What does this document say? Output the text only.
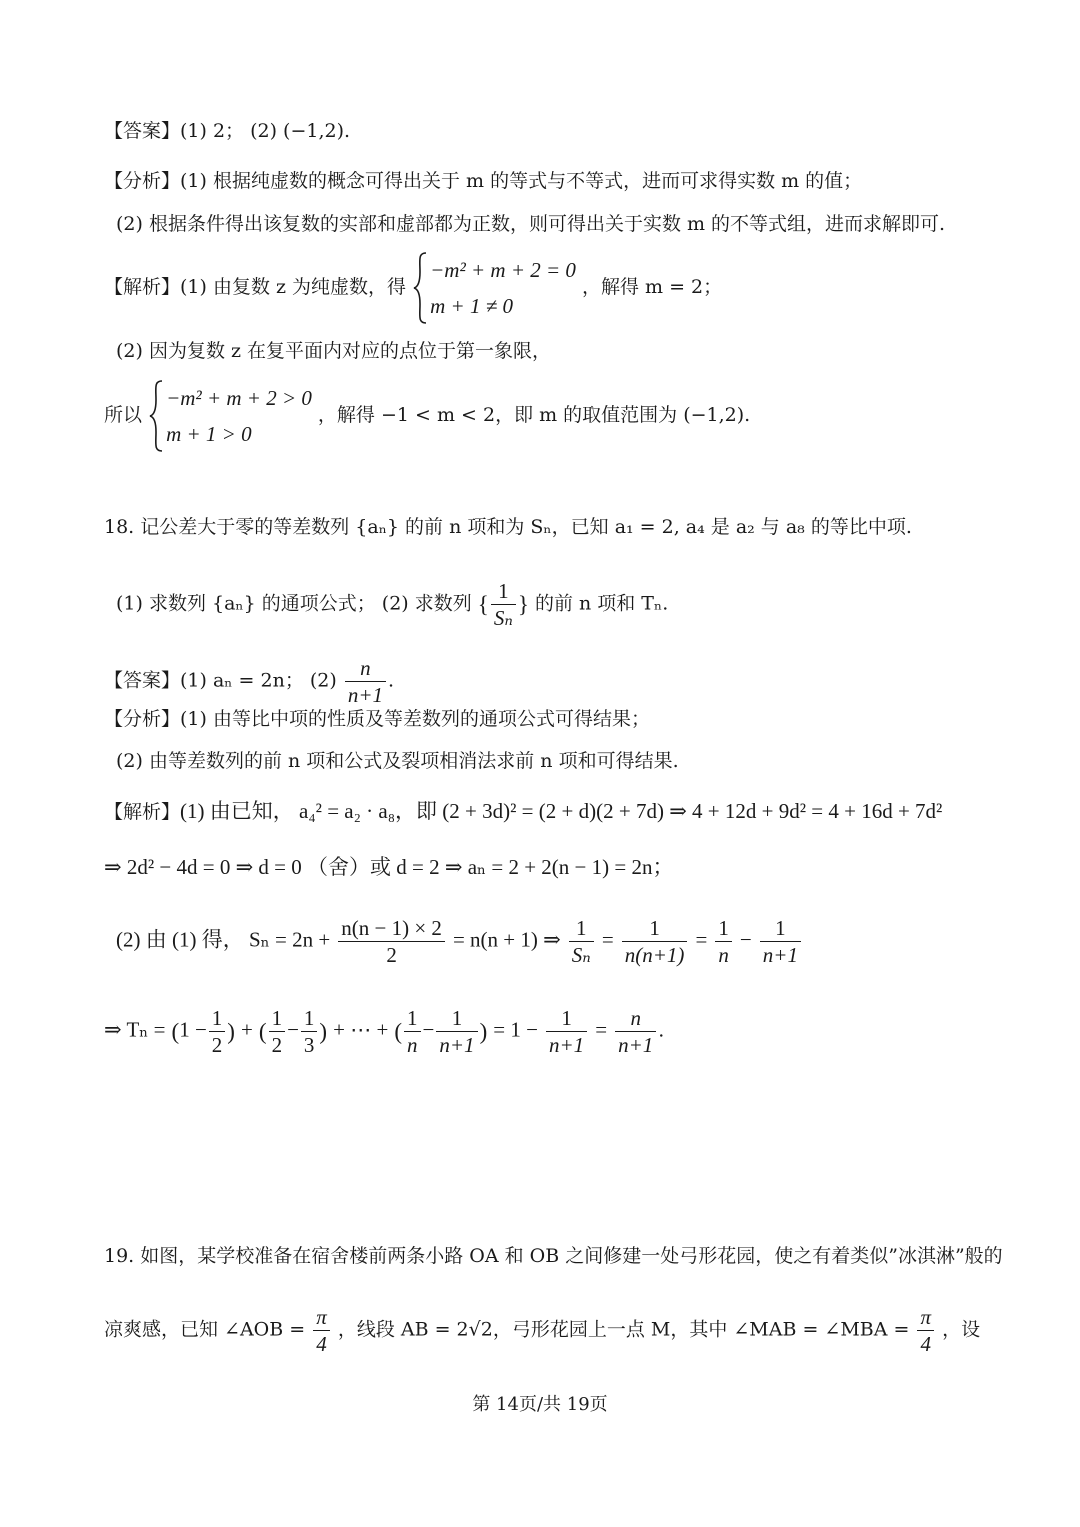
【答案】(1) 2； (2) (−1,2).
【分析】(1) 根据纯虚数的概念可得出关于 m 的等式与不等式，进而可求得实数 m 的值；
(2) 根据条件得出该复数的实部和虚部都为正数，则可得出关于实数 m 的不等式组，进而求解即可.
【解析】(1) 由复数 z 为纯虚数，得
−m² + m + 2 = 0
m + 1 ≠ 0
，解得 m = 2；
(2) 因为复数 z 在复平面内对应的点位于第一象限，
所以
−m² + m + 2 > 0
m + 1 > 0
，解得 −1 < m < 2，即 m 的取值范围为 (−1,2).
18. 记公差大于零的等差数列 {aₙ} 的前 n 项和为 Sₙ，已知 a₁ = 2, a₄ 是 a₂ 与 a₈ 的等比中项.
(1) 求数列 {aₙ} 的通项公式； (2) 求数列 { $\frac{1}{\text{Sₙ}}$ } 的前 n 项和 Tₙ.
【答案】(1) aₙ = 2n； $(2) \frac{n}{n+1}$ .
【分析】(1) 由等比中项的性质及等差数列的通项公式可得结果；
(2) 由等差数列的前 n 项和公式及裂项相消法求前 n 项和可得结果.
【解析】(1) 由已知， a₄² = a₂ · a₈，即 (2 + 3d)² = (2 + d)(2 + 7d) ⇒ 4 + 12d + 9d² = 4 + 16d + 7d²
⇒ 2d² − 4d = 0 ⇒ d = 0 （舍）或 d = 2 ⇒ aₙ = 2 + 2(n − 1) = 2n；
(2) 由 (1) 得， $S_n = 2n + \frac{n(n - 1) \times 2}{2} = n(n + 1)$ ⇒ $\frac{1}{\text{Sₙ}} = \frac{1}{n(n+1)} = \frac{1}{n} - \frac{1}{n+1}$
⇒ $T_n = (1 - \frac{1}{2}$ ) + ( $\frac{1}{2} - \frac{1}{3}$ ) + ⋯ + ( $\frac{1}{n} - \frac{1}{n+1}$ ) = $1 - \frac{1}{n+1} = \frac{n}{n+1}$ .
19. 如图，某学校准备在宿舍楼前两条小路 OA 和 OB 之间修建一处弓形花园，使之有着类似”冰淇淋”般的
凉爽感，已知 ∠AOB = $\frac{\pi}{4}$ ，线段 AB = 2√2，弓形花园上一点 M，其中 ∠MAB = ∠MBA = $\frac{\pi}{4}$ ，设
第 14页/共 19页
